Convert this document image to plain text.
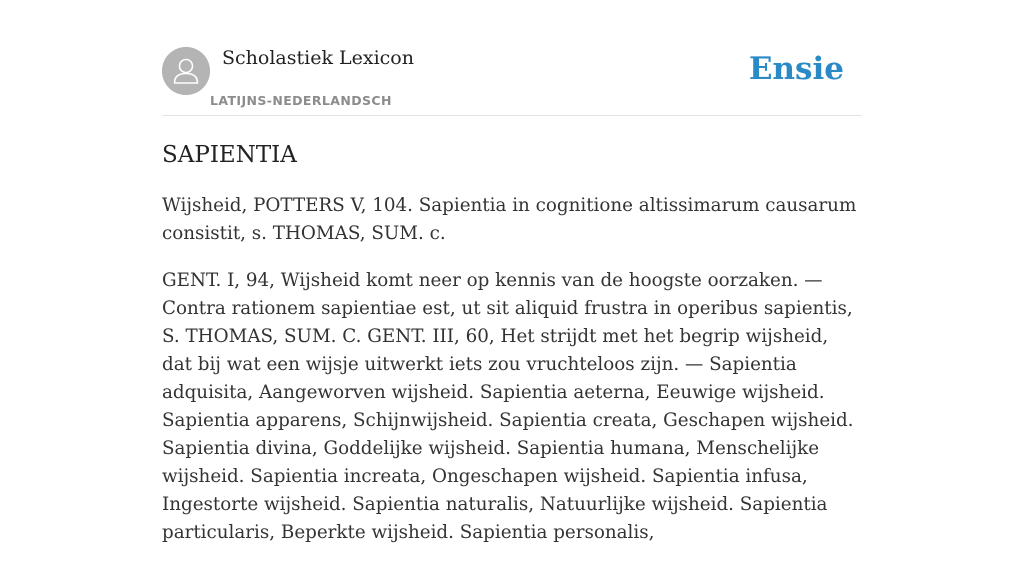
Scholastiek Lexicon
LATIJNS-NEDERLANDSCH
Ensie
SAPIENTIA

Wijsheid, POTTERS V, 104. Sapientia in cognitione altissimarum causarum consistit, s. THOMAS, SUM. c.

GENT. I, 94, Wijsheid komt neer op kennis van de hoogste oorzaken. — Contra rationem sapientiae est, ut sit aliquid frustra in operibus sapientis, S. THOMAS, SUM. C. GENT. III, 60, Het strijdt met het begrip wijsheid, dat bij wat een wijsje uitwerkt iets zou vruchteloos zijn. — Sapientia adquisita, Aangeworven wijsheid. Sapientia aeterna, Eeuwige wijsheid. Sapientia apparens, Schijnwijsheid. Sapientia creata, Geschapen wijsheid. Sapientia divina, Goddelijke wijsheid. Sapientia humana, Menschelijke wijsheid. Sapientia increata, Ongeschapen wijsheid. Sapientia infusa, Ingestorte wijsheid. Sapientia naturalis, Natuurlijke wijsheid. Sapientia particularis, Beperkte wijsheid. Sapientia personalis,
